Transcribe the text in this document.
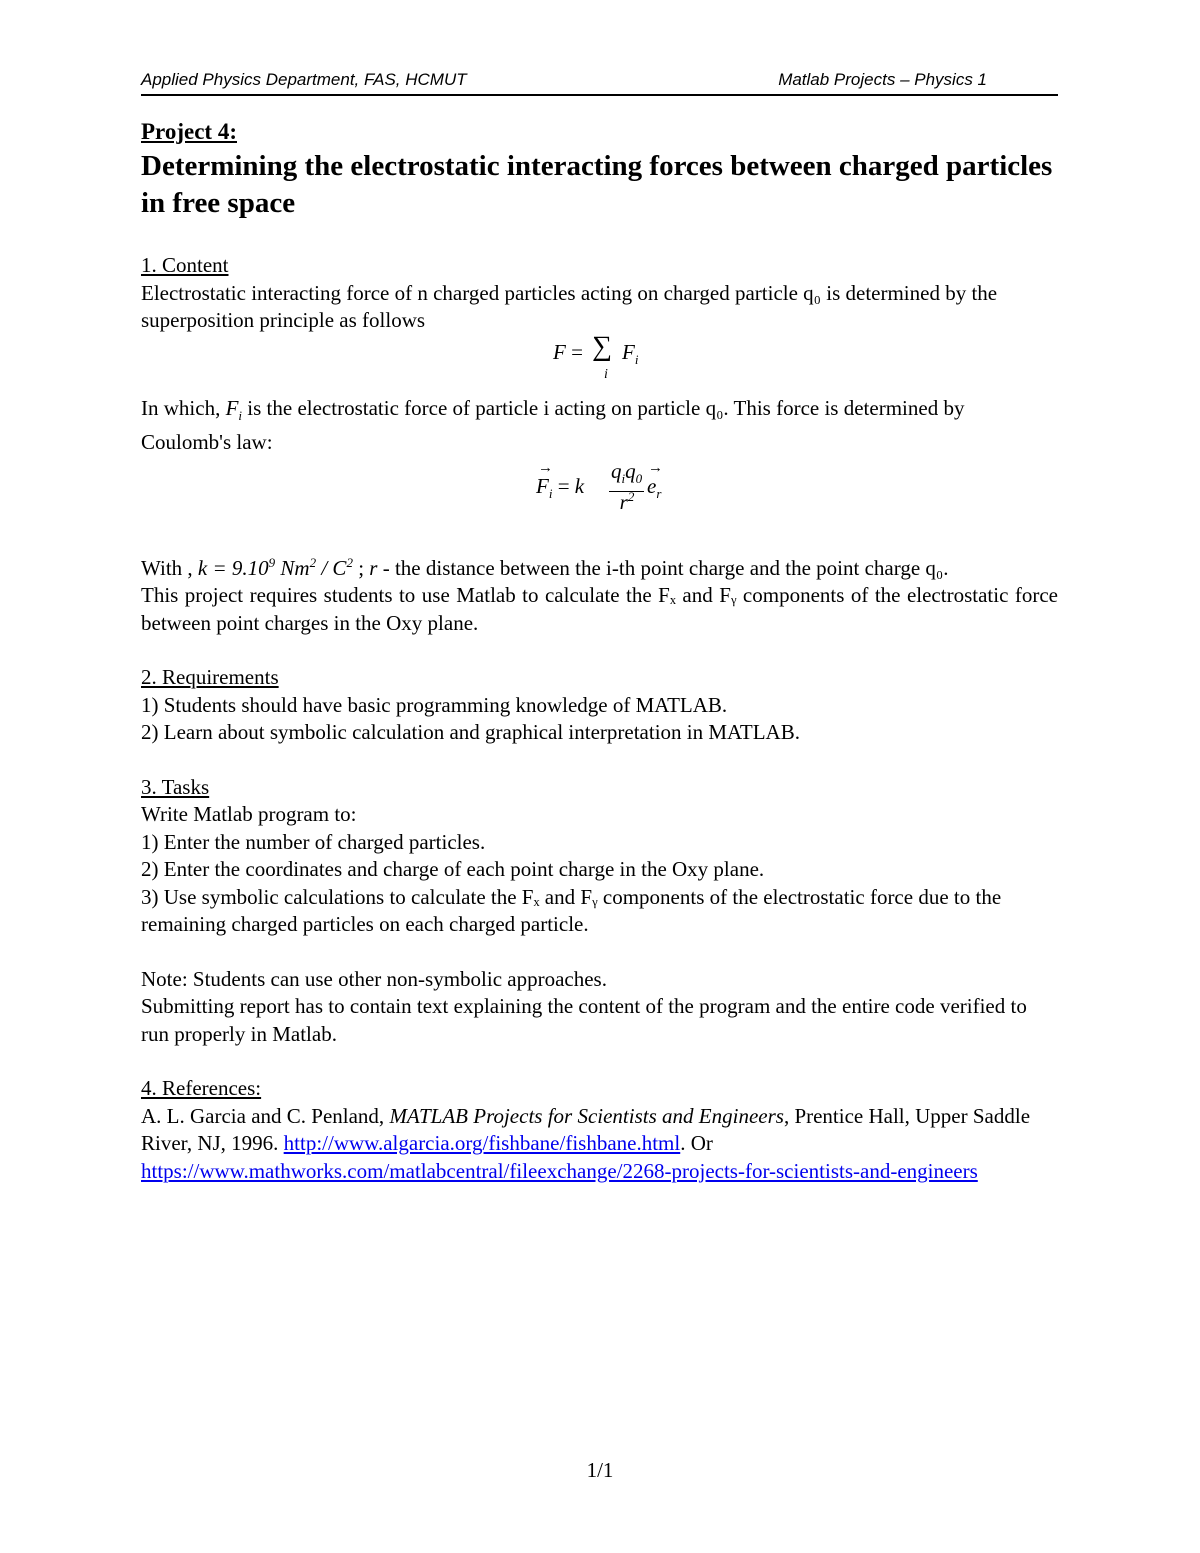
Applied Physics Department, FAS, HCMUT	Matlab Projects – Physics 1
Project 4:
Determining the electrostatic interacting forces between charged particles in free space

1. Content

Electrostatic interacting force of n charged particles acting on charged particle q₀ is determined by the superposition principle as follows

F = ∑
i
$F_i$

In which, $F_i$ is the electrostatic force of particle i acting on particle q₀. This force is determined by Coulomb's law:

→
$F_i = k$
$q_iq_0$
$r^2$
→
$e_r$

With , $k = 9.10^9$ $Nm^2 / C^2$ ; r - the distance between the i-th point charge and the point charge q₀.

This project requires students to use Matlab to calculate the Fₓ and Fᵧ components of the electrostatic force between point charges in the Oxy plane.

2. Requirements

1) Students should have basic programming knowledge of MATLAB.

2) Learn about symbolic calculation and graphical interpretation in MATLAB.

3. Tasks

Write Matlab program to:

1) Enter the number of charged particles.

2) Enter the coordinates and charge of each point charge in the Oxy plane.

3) Use symbolic calculations to calculate the Fₓ and Fᵧ components of the electrostatic force due to the remaining charged particles on each charged particle.

Note: Students can use other non-symbolic approaches.

Submitting report has to contain text explaining the content of the program and the entire code verified to run properly in Matlab.

4. References:

A. L. Garcia and C. Penland, MATLAB Projects for Scientists and Engineers, Prentice Hall, Upper Saddle River, NJ, 1996. http://www.algarcia.org/fishbane/fishbane.html. Or https://www.mathworks.com/matlabcentral/fileexchange/2268-projects-for-scientists-and-engineers

1/1
